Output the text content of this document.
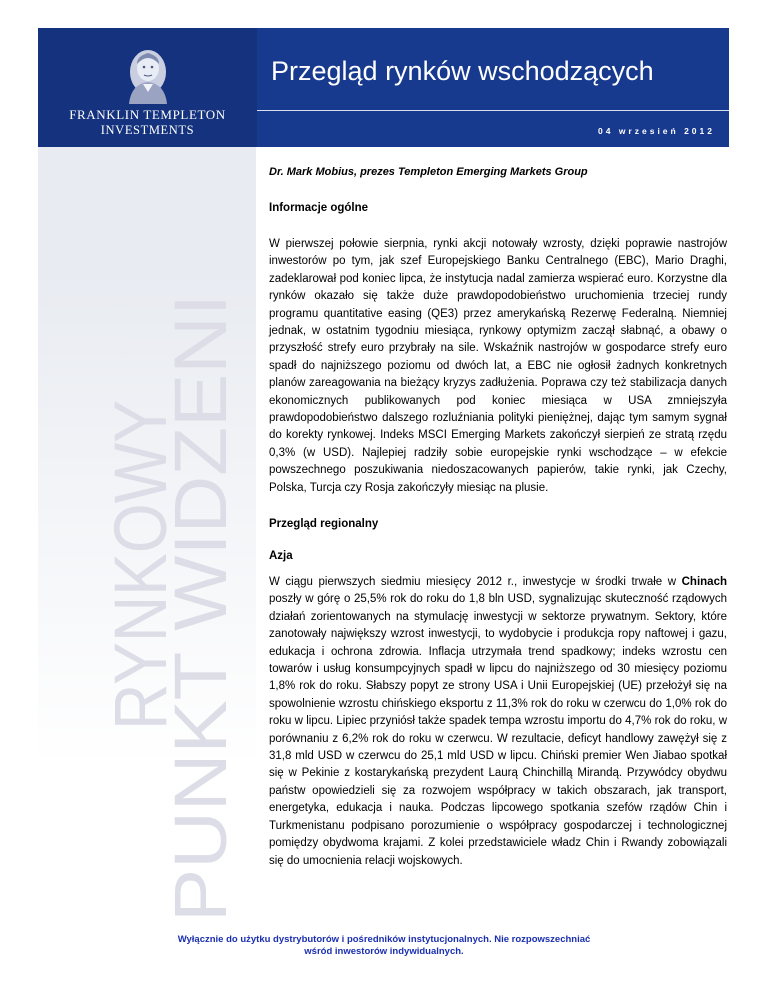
FRANKLIN TEMPLETON
INVESTMENTS
Przegląd rynków wschodzących
04 wrzesień 2012
RYNKOWY
PUNKT WIDZENI
Dr. Mark Mobius, prezes Templeton Emerging Markets Group
Informacje ogólne
W pierwszej połowie sierpnia, rynki akcji notowały wzrosty, dzięki poprawie nastrojów inwestorów po tym, jak szef Europejskiego Banku Centralnego (EBC), Mario Draghi, zadeklarował pod koniec lipca, że instytucja nadal zamierza wspierać euro. Korzystne dla rynków okazało się także duże prawdopodobieństwo uruchomienia trzeciej rundy programu quantitative easing (QE3) przez amerykańską Rezerwę Federalną. Niemniej jednak, w ostatnim tygodniu miesiąca, rynkowy optymizm zaczął słabnąć, a obawy o przyszłość strefy euro przybrały na sile. Wskaźnik nastrojów w gospodarce strefy euro spadł do najniższego poziomu od dwóch lat, a EBC nie ogłosił żadnych konkretnych planów zareagowania na bieżący kryzys zadłużenia. Poprawa czy też stabilizacja danych ekonomicznych publikowanych pod koniec miesiąca w USA zmniejszyła prawdopodobieństwo dalszego rozluźniania polityki pieniężnej, dając tym samym sygnał do korekty rynkowej. Indeks MSCI Emerging Markets zakończył sierpień ze stratą rzędu 0,3% (w USD). Najlepiej radziły sobie europejskie rynki wschodzące – w efekcie powszechnego poszukiwania niedoszacowanych papierów, takie rynki, jak Czechy, Polska, Turcja czy Rosja zakończyły miesiąc na plusie.
Przegląd regionalny
Azja
W ciągu pierwszych siedmiu miesięcy 2012 r., inwestycje w środki trwałe w Chinach poszły w górę o 25,5% rok do roku do 1,8 bln USD, sygnalizując skuteczność rządowych działań zorientowanych na stymulację inwestycji w sektorze prywatnym. Sektory, które zanotowały największy wzrost inwestycji, to wydobycie i produkcja ropy naftowej i gazu, edukacja i ochrona zdrowia. Inflacja utrzymała trend spadkowy; indeks wzrostu cen towarów i usług konsumpcyjnych spadł w lipcu do najniższego od 30 miesięcy poziomu 1,8% rok do roku. Słabszy popyt ze strony USA i Unii Europejskiej (UE) przełożył się na spowolnienie wzrostu chińskiego eksportu z 11,3% rok do roku w czerwcu do 1,0% rok do roku w lipcu. Lipiec przyniósł także spadek tempa wzrostu importu do 4,7% rok do roku, w porównaniu z 6,2% rok do roku w czerwcu. W rezultacie, deficyt handlowy zawężył się z 31,8 mld USD w czerwcu do 25,1 mld USD w lipcu. Chiński premier Wen Jiabao spotkał się w Pekinie z kostarykańską prezydent Laurą Chinchillą Mirandą. Przywódcy obydwu państw opowiedzieli się za rozwojem współpracy w takich obszarach, jak transport, energetyka, edukacja i nauka. Podczas lipcowego spotkania szefów rządów Chin i Turkmenistanu podpisano porozumienie o współpracy gospodarczej i technologicznej pomiędzy obydwoma krajami. Z kolei przedstawiciele władz Chin i Rwandy zobowiązali się do umocnienia relacji wojskowych.
Wyłącznie do użytku dystrybutorów i pośredników instytucjonalnych. Nie rozpowszechniać
wśród inwestorów indywidualnych.
